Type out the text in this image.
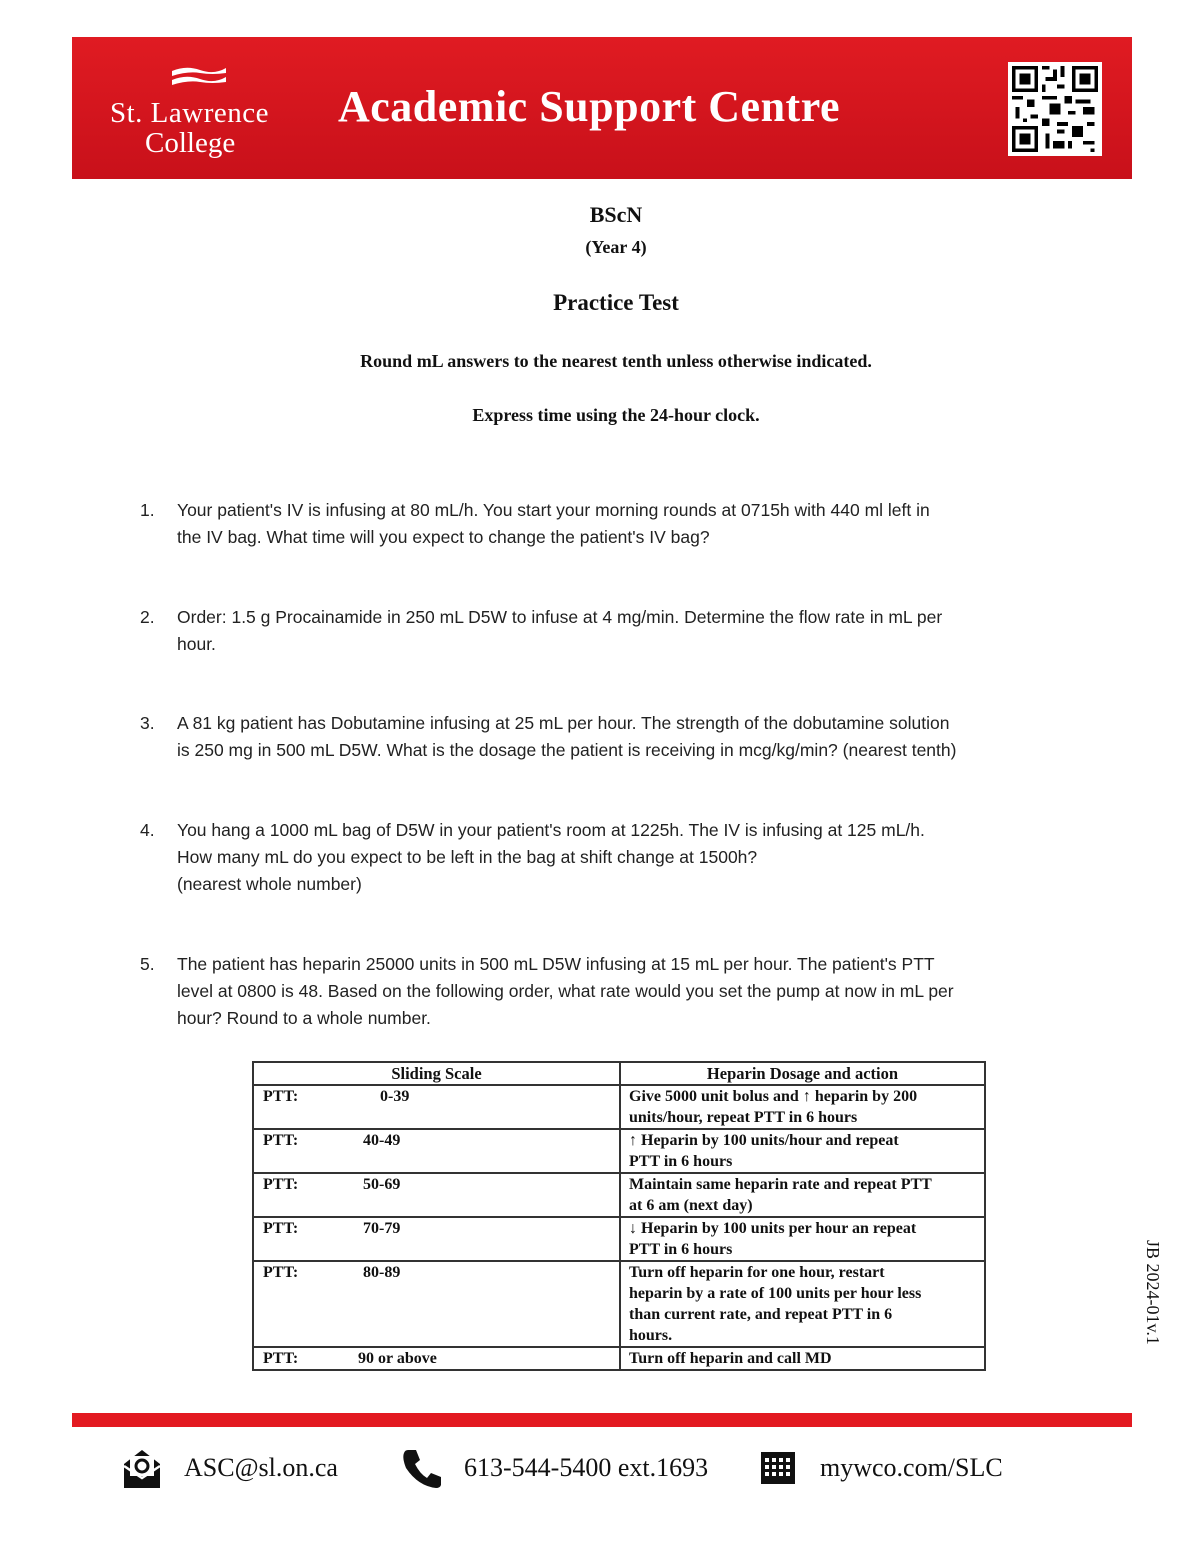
St. Lawrence
College
Academic Support Centre
BScN
(Year 4)
Practice Test
Round mL answers to the nearest tenth unless otherwise indicated.
Express time using the 24-hour clock.
1. Your patient's IV is infusing at 80 mL/h. You start your morning rounds at 0715h with 440 ml left in
the IV bag. What time will you expect to change the patient's IV bag?
2. Order: 1.5 g Procainamide in 250 mL D5W to infuse at 4 mg/min. Determine the flow rate in mL per
hour.
3. A 81 kg patient has Dobutamine infusing at 25 mL per hour. The strength of the dobutamine solution
is 250 mg in 500 mL D5W. What is the dosage the patient is receiving in mcg/kg/min? (nearest tenth)
4. You hang a 1000 mL bag of D5W in your patient's room at 1225h. The IV is infusing at 125 mL/h.
How many mL do you expect to be left in the bag at shift change at 1500h?
(nearest whole number)
5. The patient has heparin 25000 units in 500 mL D5W infusing at 15 mL per hour. The patient's PTT
level at 0800 is 48. Based on the following order, what rate would you set the pump at now in mL per
hour? Round to a whole number.
Sliding Scale	Heparin Dosage and action
PTT: 0-39	Give 5000 unit bolus and ↑ heparin by 200
units/hour, repeat PTT in 6 hours

PTT: 40-49	↑ Heparin by 100 units/hour and repeat
PTT in 6 hours

PTT: 50-69	Maintain same heparin rate and repeat PTT
at 6 am (next day)

PTT: 70-79	↓ Heparin by 100 units per hour an repeat
PTT in 6 hours

PTT: 80-89	Turn off heparin for one hour, restart
heparin by a rate of 100 units per hour less
than current rate, and repeat PTT in 6
hours.

PTT: 90 or above	Turn off heparin and call MD
JB 2024-01v.1
ASC@sl.on.ca	613-544-5400 ext.1693	mywco.com/SLC
